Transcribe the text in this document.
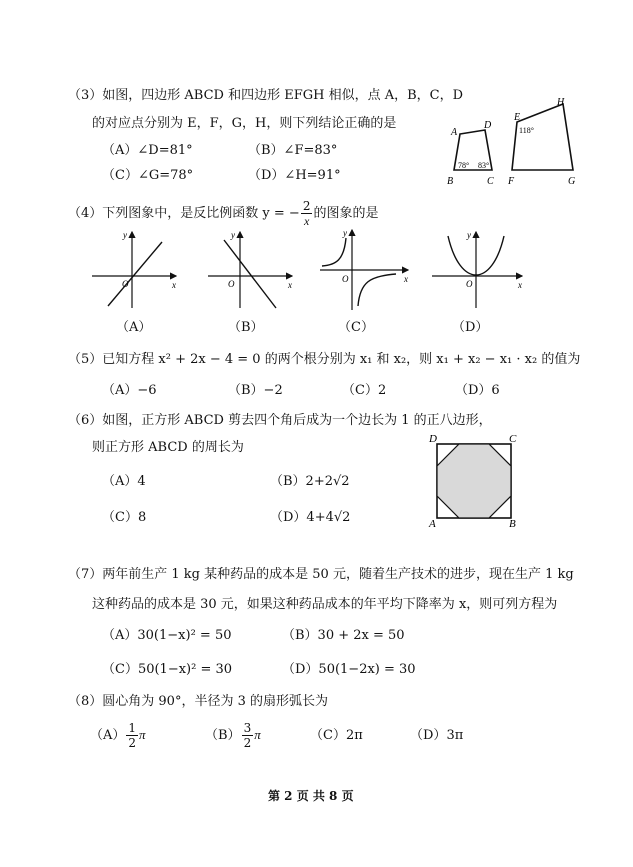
（3）如图，四边形 ABCD 和四边形 EFGH 相似，点 A，B，C，D
的对应点分别为 E，F，G，H，则下列结论正确的是
（A）∠D=81°	（B）∠F=83°
（C）∠G=78°	（D）∠H=91°
A
B	C
D
E
F	G
H
78° 83°
118°
（4）下列图象中，是反比例函数 y = − $\frac{2}{x}$ 的图象的是
y
x
O
y
x
O
y
x
O
y
x
O
（A）	（B）	（C）	（D）
（5）已知方程 x² + 2x − 4 = 0 的两个根分别为 x₁ 和 x₂，则 x₁ + x₂ − x₁ · x₂ 的值为
（A）−6	（B）−2	（C）2	（D）6
（6）如图，正方形 ABCD 剪去四个角后成为一个边长为 1 的正八边形，
则正方形 ABCD 的周长为
（A）4	（B）2+2√2
（C）8	（D）4+4√2
D	C
A	B
（7）两年前生产 1 kg 某种药品的成本是 50 元，随着生产技术的进步，现在生产 1 kg
这种药品的成本是 30 元，如果这种药品成本的年平均下降率为 x，则可列方程为
（A）30(1−x)² = 50	（B）30 + 2x = 50
（C）50(1−x)² = 30	（D）50(1−2x) = 30
（8）圆心角为 90°，半径为 3 的扇形弧长为
$(A) \frac{1}{2}$ π	$(B) \frac{3}{2}$ π	（C）2π	（D）3π
第 2 页 共 8 页
